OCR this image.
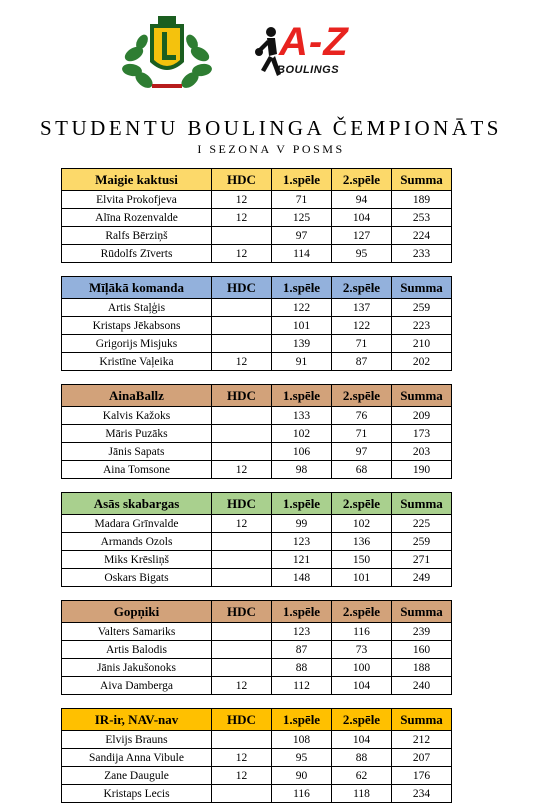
A-Z
BOULINGS
STUDENTU BOULINGA ČEMPIONĀTS
I SEZONA V POSMS
Maigie kaktusi	HDC	1.spēle	2.spēle	Summa
Elvita Prokofjeva	12	71	94	189
Alīna Rozenvalde	12	125	104	253
Ralfs Bērziņš		97	127	224
Rūdolfs Zīverts	12	114	95	233
Mīļākā komanda	HDC	1.spēle	2.spēle	Summa
Artis Staļģis		122	137	259
Kristaps Jēkabsons		101	122	223
Grigorijs Misjuks		139	71	210
Kristīne Vaļeika	12	91	87	202
AinaBallz	HDC	1.spēle	2.spēle	Summa
Kalvis Kažoks		133	76	209
Māris Puzāks		102	71	173
Jānis Sapats		106	97	203
Aina Tomsone	12	98	68	190
Asās skabargas	HDC	1.spēle	2.spēle	Summa
Madara Grīnvalde	12	99	102	225
Armands Ozols		123	136	259
Miks Krēsliņš		121	150	271
Oskars Bigats		148	101	249
Gopņiki	HDC	1.spēle	2.spēle	Summa
Valters Samariks		123	116	239
Artis Balodis		87	73	160
Jānis Jakušonoks		88	100	188
Aiva Damberga	12	112	104	240
IR-ir, NAV-nav	HDC	1.spēle	2.spēle	Summa
Elvijs Brauns		108	104	212
Sandija Anna Vibule	12	95	88	207
Zane Daugule	12	90	62	176
Kristaps Lecis		116	118	234
